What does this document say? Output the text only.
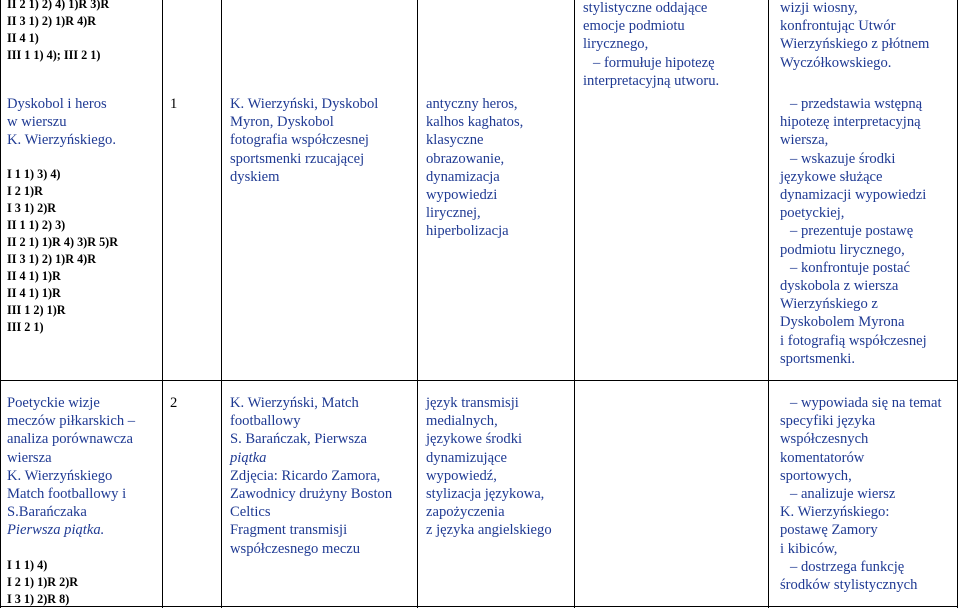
II 2 1) 2) 4) 1)R 3)R
II 3 1) 2) 1)R 4)R
II 4 1)
III 1 1) 4); III 2 1)
Dyskobol i heros
w wierszu
K. Wierzyńskiego.
I 1 1) 3) 4)
I 2 1)R
I 3 1) 2)R
II 1 1) 2) 3)
II 2 1) 1)R 4) 3)R 5)R
II 3 1) 2) 1)R 4)R
II 4 1) 1)R
II 4 1) 1)R
III 1 2) 1)R
III 2 1)
1	K. Wierzyński, Dyskobol
Myron, Dyskobol
fotografia współczesnej
sportsmenki rzucającej
dyskiem
antyczny heros,
kalhos kaghatos,
klasyczne
obrazowanie,
dynamizacja
wypowiedzi
lirycznej,
hiperbolizacja
stylistyczne oddające
emocje podmiotu
lirycznego,
– formułuje hipotezę
interpretacyjną utworu.
wizji wiosny,
konfrontując Utwór
Wierzyńskiego z płótnem
Wyczółkowskiego.
– przedstawia wstępną
hipotezę interpretacyjną
wiersza,
– wskazuje środki
językowe służące
dynamizacji wypowiedzi
poetyckiej,
– prezentuje postawę
podmiotu lirycznego,
– konfrontuje postać
dyskobola z wiersza
Wierzyńskiego z
Dyskobolem Myrona
i fotografią współczesnej
sportsmenki.
Poetyckie wizje
meczów piłkarskich –
analiza porównawcza
wiersza
K. Wierzyńskiego
Match footballowy i
S.Barańczaka
Pierwsza piątka.
I 1 1) 4)
I 2 1) 1)R 2)R
I 3 1) 2)R 8)
2	K. Wierzyński, Match
footballowy
S. Barańczak, Pierwsza
piątka
Zdjęcia: Ricardo Zamora,
Zawodnicy drużyny Boston
Celtics
Fragment transmisji
współczesnego meczu
język transmisji
medialnych,
językowe środki
dynamizujące
wypowiedź,
stylizacja językowa,
zapożyczenia
z języka angielskiego
– wypowiada się na temat
specyfiki języka
współczesnych
komentatorów
sportowych,
– analizuje wiersz
K. Wierzyńskiego:
postawę Zamory
i kibiców,
– dostrzega funkcję
środków stylistycznych
